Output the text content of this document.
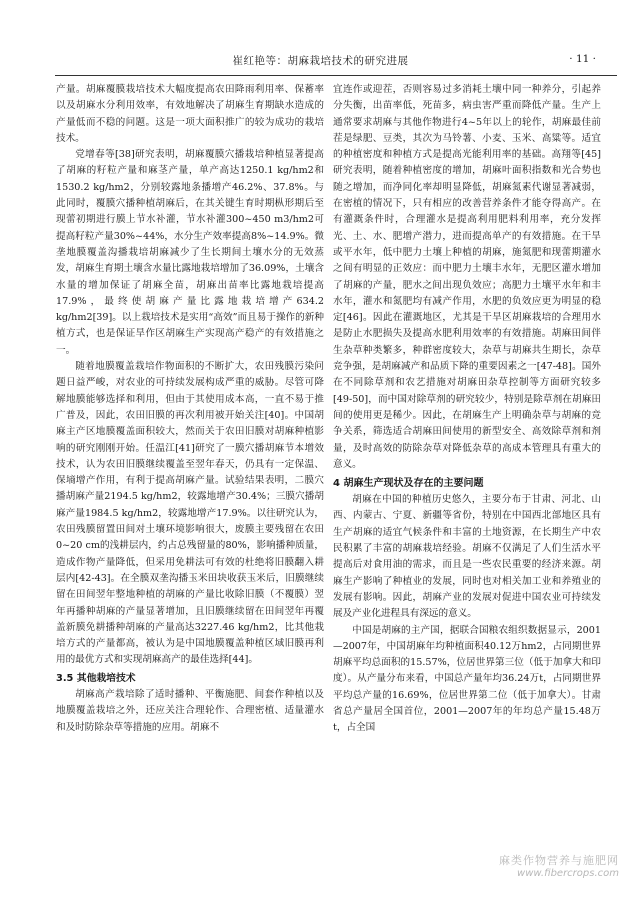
崔红艳等：胡麻栽培技术的研究进展	· 11 ·

产量。胡麻覆膜栽培技术大幅度提高农田降雨利用率、保蓄率以及胡麻水分利用效率，有效地解决了胡麻生育期缺水造成的产量低而不稳的问题。这是一项大面积推广的较为成功的栽培技术。

党增春等[38]研究表明，胡麻覆膜穴播栽培种植显著提高了胡麻的籽粒产量和麻茎产量，单产高达1250.1 kg/hm2和1530.2 kg/hm2，分别较露地条播增产46.2%、37.8%。与此同时，覆膜穴播种植胡麻后，在其关键生育时期枞形期后至现蕾初期进行膜上节水补灌，节水补灌300~450 m3/hm2可提高籽粒产量30%~44%，水分生产效率提高8%~14.9%。微垄地膜覆盖沟播栽培胡麻减少了生长期间土壤水分的无效蒸发，胡麻生育期土壤含水量比露地栽培增加了36.09%，土壤含水量的增加保证了胡麻全苗，胡麻出苗率比露地栽培提高17.9%，最终使胡麻产量比露地栽培增产634.2 kg/hm2[39]。以上栽培技术是实用“高效”而且易于操作的新种植方式，也是保证旱作区胡麻生产实现高产稳产的有效措施之一。

随着地膜覆盖栽培作物面积的不断扩大，农田残膜污染问题日益严峻，对农业的可持续发展构成严重的威胁。尽管可降解地膜能够选择和利用，但由于其使用成本高，一直不易于推广普及，因此，农田旧膜的再次利用被开始关注[40]。中国胡麻主产区地膜覆盖面积较大，然而关于农田旧膜对胡麻种植影响的研究刚刚开始。任温江[41]研究了一膜穴播胡麻节本增效技术，认为农田旧膜继续覆盖至翌年春天，仍具有一定保温、保墒增产作用，有利于提高胡麻产量。试验结果表明，二膜穴播胡麻产量2194.5 kg/hm2，较露地增产30.4%；三膜穴播胡麻产量1984.5 kg/hm2，较露地增产17.9%。以往研究认为，农田残膜留置田间对土壤环境影响很大，废膜主要残留在农田0~20 cm的浅耕层内，约占总残留量的80%，影响播种质量，造成作物产量降低，但采用免耕法可有效的杜绝将旧膜翻入耕层内[42-43]。在全膜双垄沟播玉米田块收获玉米后，旧膜继续留在田间翌年整地种植的胡麻的产量比收除旧膜（不覆膜）翌年再播种胡麻的产量显著增加，且旧膜继续留在田间翌年再覆盖新膜免耕播种胡麻的产量高达3227.46 kg/hm2，比其他栽培方式的产量都高，被认为是中国地膜覆盖种植区域旧膜再利用的最优方式和实现胡麻高产的最佳选择[44]。

3.5 其他栽培技术

胡麻高产栽培除了适时播种、平衡施肥、间套作种植以及地膜覆盖栽培之外，还应关注合理轮作、合理密植、适量灌水和及时防除杂草等措施的应用。胡麻不

宜连作或迎茬，否则容易过多消耗土壤中同一种养分，引起养分失衡，出苗率低，死苗多，病虫害严重而降低产量。生产上通常要求胡麻与其他作物进行4~5年以上的轮作，胡麻最佳前茬是绿肥、豆类，其次为马铃薯、小麦、玉米、高粱等。适宜的种植密度和种植方式是提高光能利用率的基础。高翔等[45]研究表明，随着种植密度的增加，胡麻叶面积指数和光合势也随之增加，而净同化率却明显降低，胡麻氮素代谢显著减弱，在密植的情况下，只有相应的改善营养条件才能夺得高产。在有灌溉条件时，合理灌水是提高利用肥料利用率，充分发挥光、土、水、肥增产潜力，进而提高单产的有效措施。在干旱或平水年，低中肥力土壤上种植的胡麻，施氮肥和现蕾期灌水之间有明显的正效应：而中肥力土壤丰水年，无肥区灌水增加了胡麻的产量，肥水之间出现负效应；高肥力土壤平水年和丰水年，灌水和氮肥均有减产作用，水肥的负效应更为明显的稳定[46]。因此在灌溉地区，尤其是干旱区胡麻栽培的合理用水是防止水肥损失及提高水肥利用效率的有效措施。胡麻田间伴生杂草种类繁多，种群密度较大，杂草与胡麻共生期长，杂草竞争强，是胡麻减产和品质下降的重要因素之一[47-48]。国外在不同除草剂和农艺措施对胡麻田杂草控制等方面研究较多[49-50]，而中国对除草剂的研究较少，特别是除草剂在胡麻田间的使用更是稀少。因此，在胡麻生产上明确杂草与胡麻的竞争关系，筛选适合胡麻田间使用的新型安全、高效除草剂和剂量，及时高效的防除杂草对降低杂草的高成本管理具有重大的意义。

4 胡麻生产现状及存在的主要问题

胡麻在中国的种植历史悠久，主要分布于甘肃、河北、山西、内蒙古、宁夏、新疆等省份，特别在中国西北部地区具有生产胡麻的适宜气候条件和丰富的土地资源，在长期生产中农民积累了丰富的胡麻栽培经验。胡麻不仅满足了人们生活水平提高后对食用油的需求，而且是一些农民重要的经济来源。胡麻生产影响了种植业的发展，同时也对相关加工业和养殖业的发展有影响。因此，胡麻产业的发展对促进中国农业可持续发展及产业化进程具有深远的意义。

中国是胡麻的主产国，据联合国粮农组织数据显示，2001—2007年，中国胡麻年均种植面积40.12万hm2，占同期世界胡麻平均总面积的15.57%，位居世界第三位（低于加拿大和印度）。从产量分布来看，中国总产量年均36.24万t，占同期世界平均总产量的16.69%，位居世界第二位（低于加拿大）。甘肃省总产量居全国首位，2001—2007年的年均总产量15.48万t，占全国

麻类作物营养与施肥网
www.fibercrops.com
